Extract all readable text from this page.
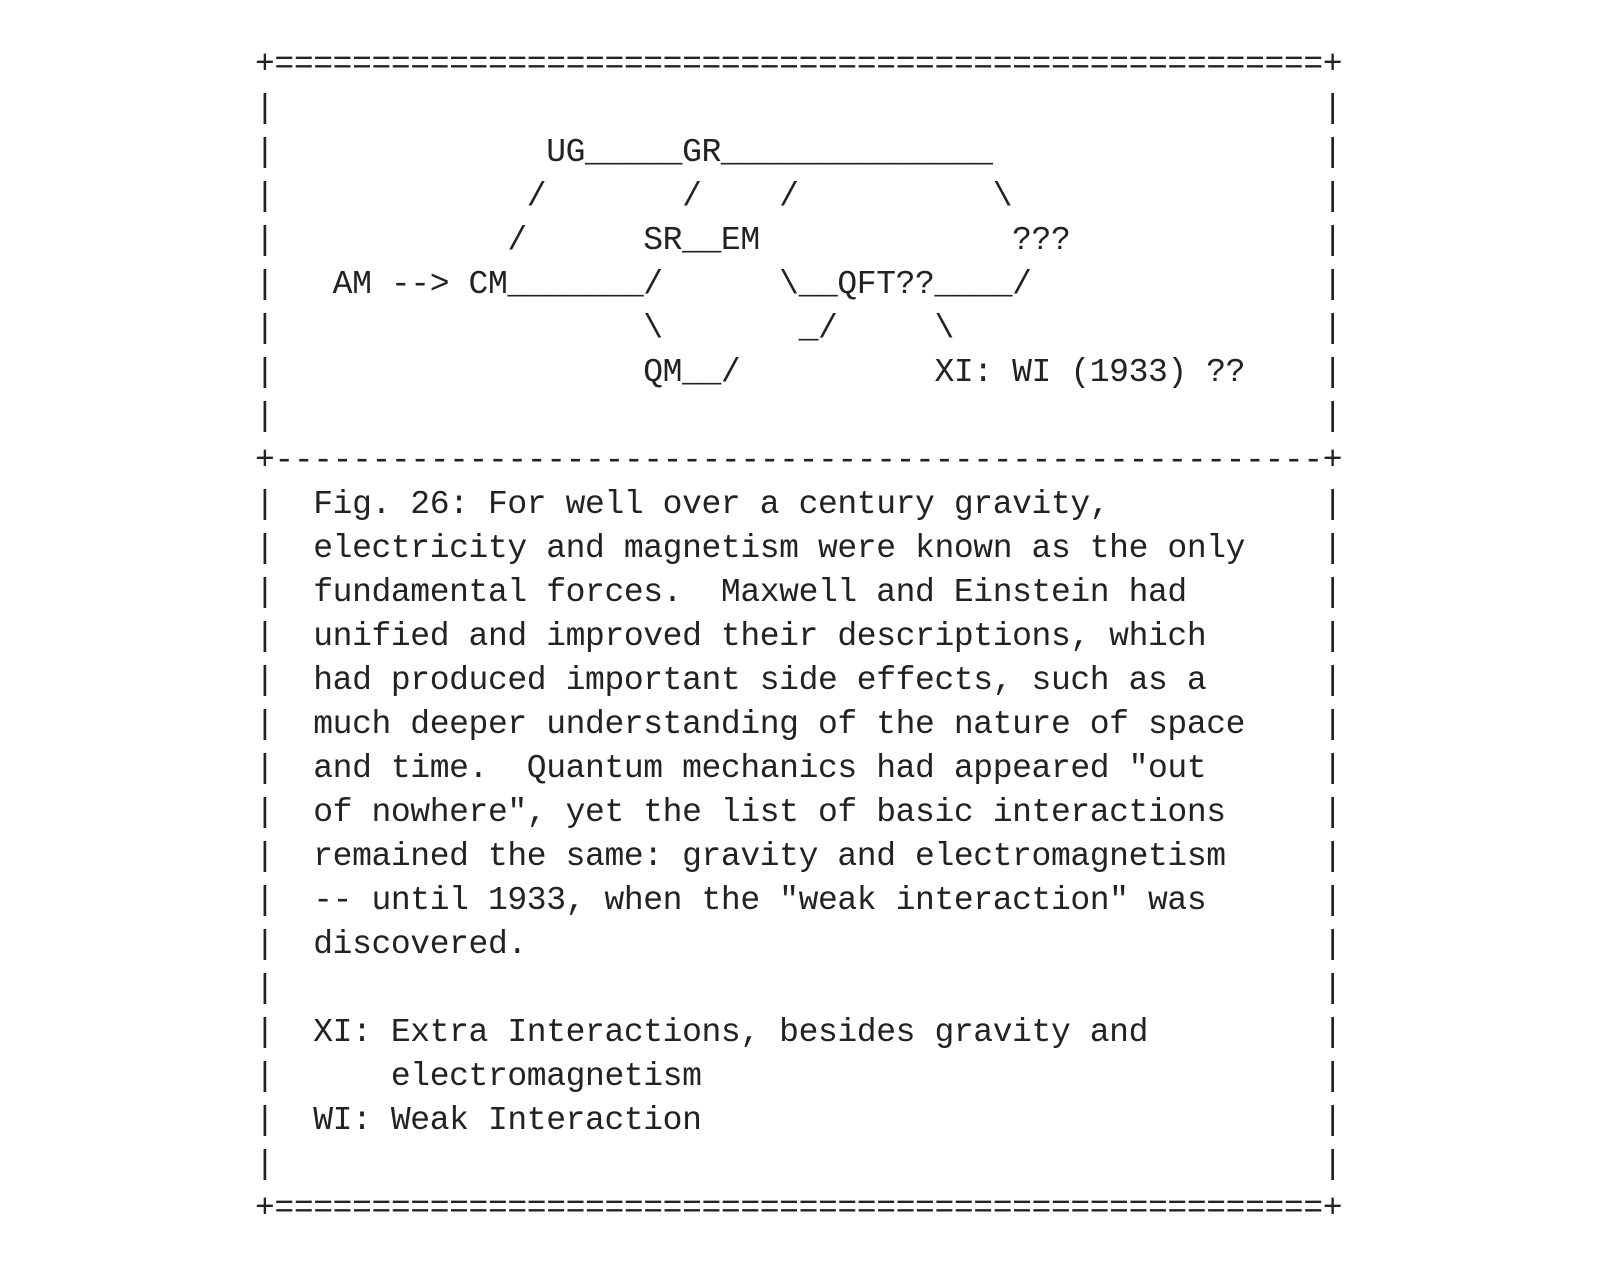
+======================================================+
|                                                      |
|              UG_____GR______________                 |
|             /       /    /          \                |
|            /      SR__EM             ???             |
|   AM --> CM_______/      \__QFT??____/               |
|                   \       _/     \                   |
|                   QM__/          XI: WI (1933) ??    |
|                                                      |
+------------------------------------------------------+
|  Fig. 26: For well over a century gravity,           |
|  electricity and magnetism were known as the only    |
|  fundamental forces.  Maxwell and Einstein had       |
|  unified and improved their descriptions, which      |
|  had produced important side effects, such as a      |
|  much deeper understanding of the nature of space    |
|  and time.  Quantum mechanics had appeared "out      |
|  of nowhere", yet the list of basic interactions     |
|  remained the same: gravity and electromagnetism     |
|  -- until 1933, when the "weak interaction" was      |
|  discovered.                                         |
|                                                      |
|  XI: Extra Interactions, besides gravity and         |
|      electromagnetism                                |
|  WI: Weak Interaction                                |
|                                                      |
+======================================================+
